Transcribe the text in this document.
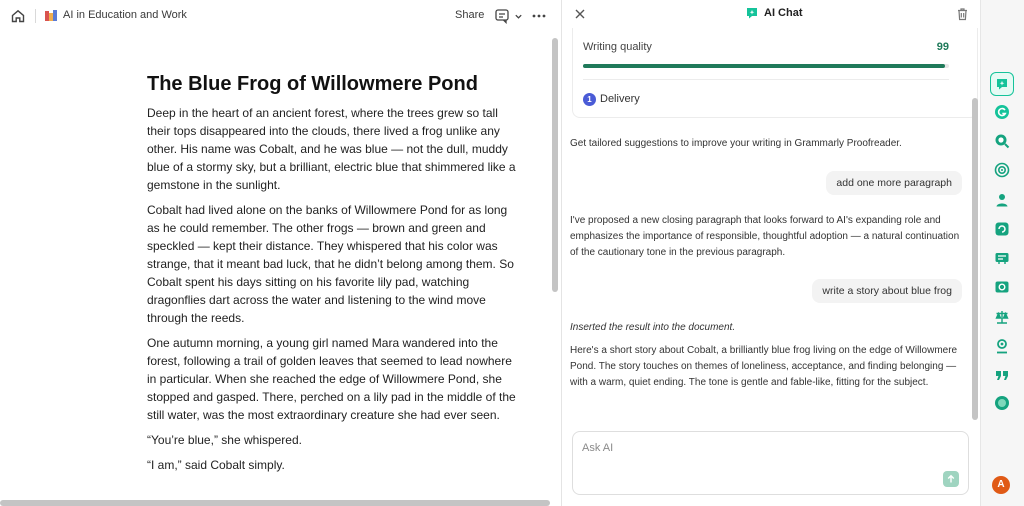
AI in Education and Work	Share
The Blue Frog of Willowmere Pond

Deep in the heart of an ancient forest, where the trees grew so tall their tops disappeared into the clouds, there lived a frog unlike any other. His name was Cobalt, and he was blue — not the dull, muddy blue of a stormy sky, but a brilliant, electric blue that shimmered like a gemstone in the sunlight.

Cobalt had lived alone on the banks of Willowmere Pond for as long as he could remember. The other frogs — brown and green and speckled — kept their distance. They whispered that his color was strange, that it meant bad luck, that he didn’t belong among them. So Cobalt spent his days sitting on his favorite lily pad, watching dragonflies dart across the water and listening to the wind move through the reeds.

One autumn morning, a young girl named Mara wandered into the forest, following a trail of golden leaves that seemed to lead nowhere in particular. When she reached the edge of Willowmere Pond, she stopped and gasped. There, perched on a lily pad in the middle of the still water, was the most extraordinary creature she had ever seen.

“You’re blue,” she whispered.

“I am,” said Cobalt simply.

AI Chat
Writing quality	99
1 Delivery
Get tailored suggestions to improve your writing in Grammarly Proofreader.
add one more paragraph
I've proposed a new closing paragraph that looks forward to AI's expanding role and emphasizes the importance of responsible, thoughtful adoption — a natural continuation of the cautionary tone in the previous paragraph.
write a story about blue frog
Inserted the result into the document.
Here's a short story about Cobalt, a brilliantly blue frog living on the edge of Willowmere Pond. The story touches on themes of loneliness, acceptance, and finding belonging — with a warm, quiet ending. The tone is gentle and fable-like, fitting for the subject.
Ask AI
A
